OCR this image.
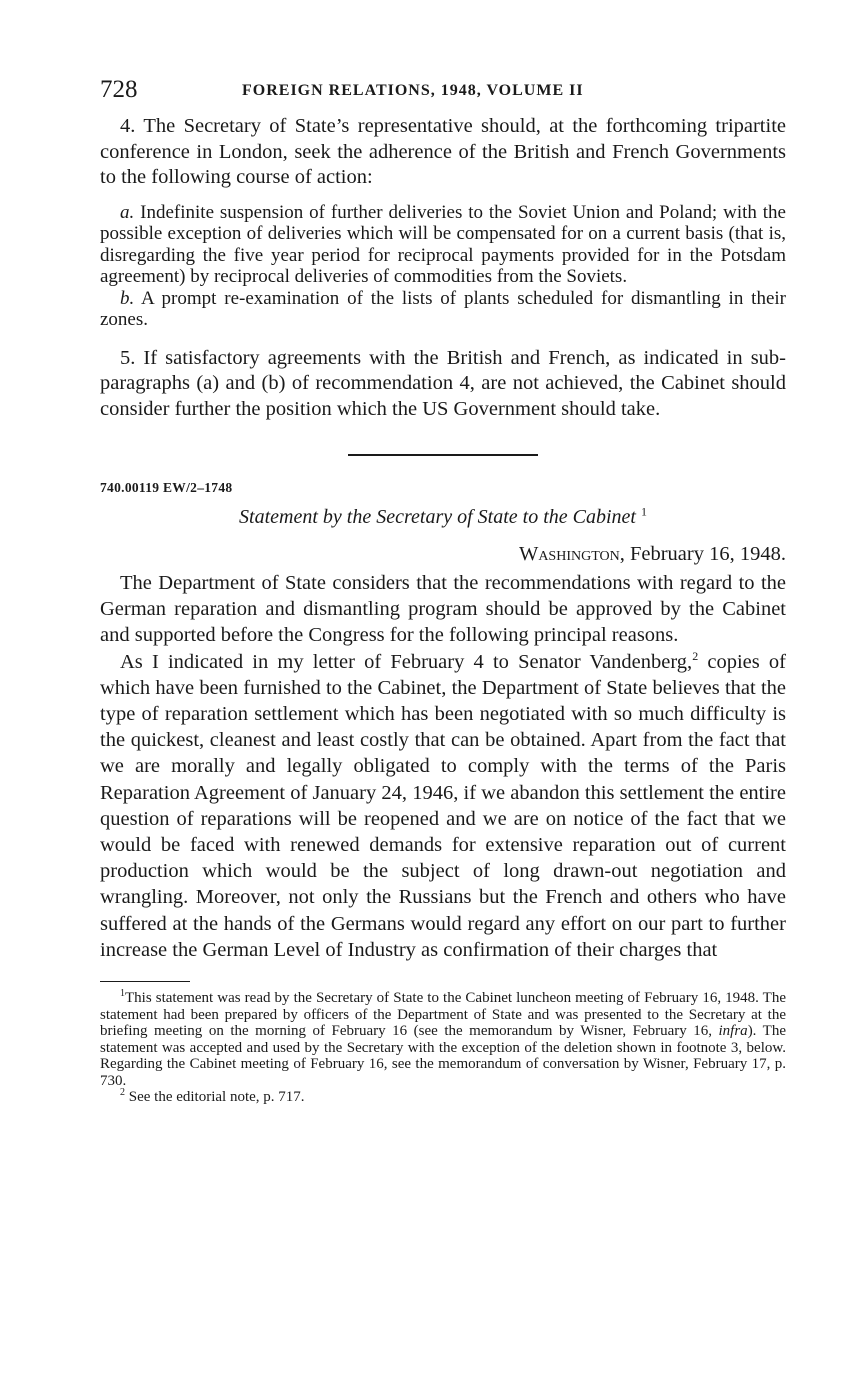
728	FOREIGN RELATIONS, 1948, VOLUME II

4. The Secretary of State’s representative should, at the forthcoming tripartite conference in London, seek the adherence of the British and French Governments to the following course of action:

a. Indefinite suspension of further deliveries to the Soviet Union and Poland; with the possible exception of deliveries which will be compensated for on a current basis (that is, disregarding the five year period for reciprocal payments provided for in the Potsdam agreement) by reciprocal deliveries of commodities from the Soviets.

b. A prompt re-examination of the lists of plants scheduled for dismantling in their zones.

5. If satisfactory agreements with the British and French, as indicated in sub-paragraphs (a) and (b) of recommendation 4, are not achieved, the Cabinet should consider further the position which the US Government should take.

740.00119 EW/2–1748

Statement by the Secretary of State to the Cabinet $^1$

Washington, February 16, 1948.

The Department of State considers that the recommendations with regard to the German reparation and dismantling program should be approved by the Cabinet and supported before the Congress for the following principal reasons.

As I indicated in my letter of February 4 to Senator Vandenberg,$^2$ copies of which have been furnished to the Cabinet, the Department of State believes that the type of reparation settlement which has been negotiated with so much difficulty is the quickest, cleanest and least costly that can be obtained. Apart from the fact that we are morally and legally obligated to comply with the terms of the Paris Reparation Agreement of January 24, 1946, if we abandon this settlement the entire question of reparations will be reopened and we are on notice of the fact that we would be faced with renewed demands for extensive reparation out of current production which would be the subject of long drawn-out negotiation and wrangling. Moreover, not only the Russians but the French and others who have suffered at the hands of the Germans would regard any effort on our part to further increase the German Level of Industry as confirmation of their charges that

$^1$This statement was read by the Secretary of State to the Cabinet luncheon meeting of February 16, 1948. The statement had been prepared by officers of the Department of State and was presented to the Secretary at the briefing meeting on the morning of February 16 (see the memorandum by Wisner, February 16, infra). The statement was accepted and used by the Secretary with the exception of the deletion shown in footnote 3, below. Regarding the Cabinet meeting of February 16, see the memorandum of conversation by Wisner, February 17, p. 730.

$^2$ See the editorial note, p. 717.
